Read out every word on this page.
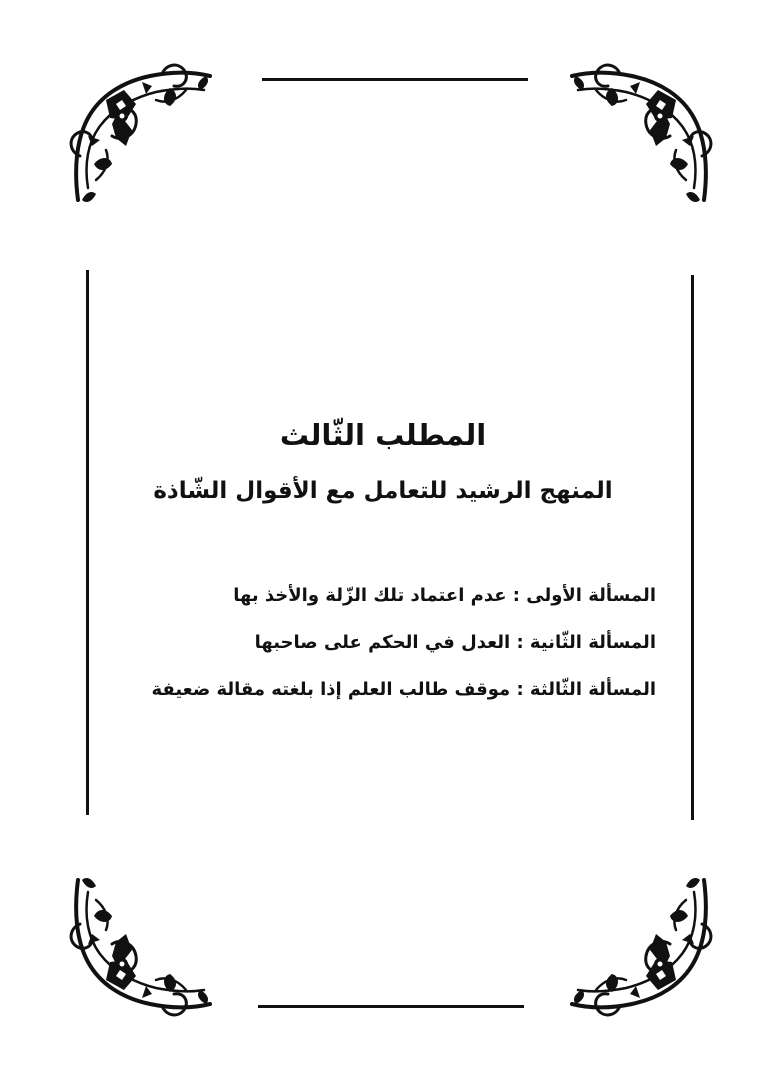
المطلب الثّالث
المنهج الرشيد للتعامل مع الأقوال الشّاذة
المسألة الأولى : عدم اعتماد تلك الزّلة والأخذ بها
المسألة الثّانية : العدل في الحكم على صاحبها
المسألة الثّالثة : موقف طالب العلم إذا بلغته مقالة ضعيفة
